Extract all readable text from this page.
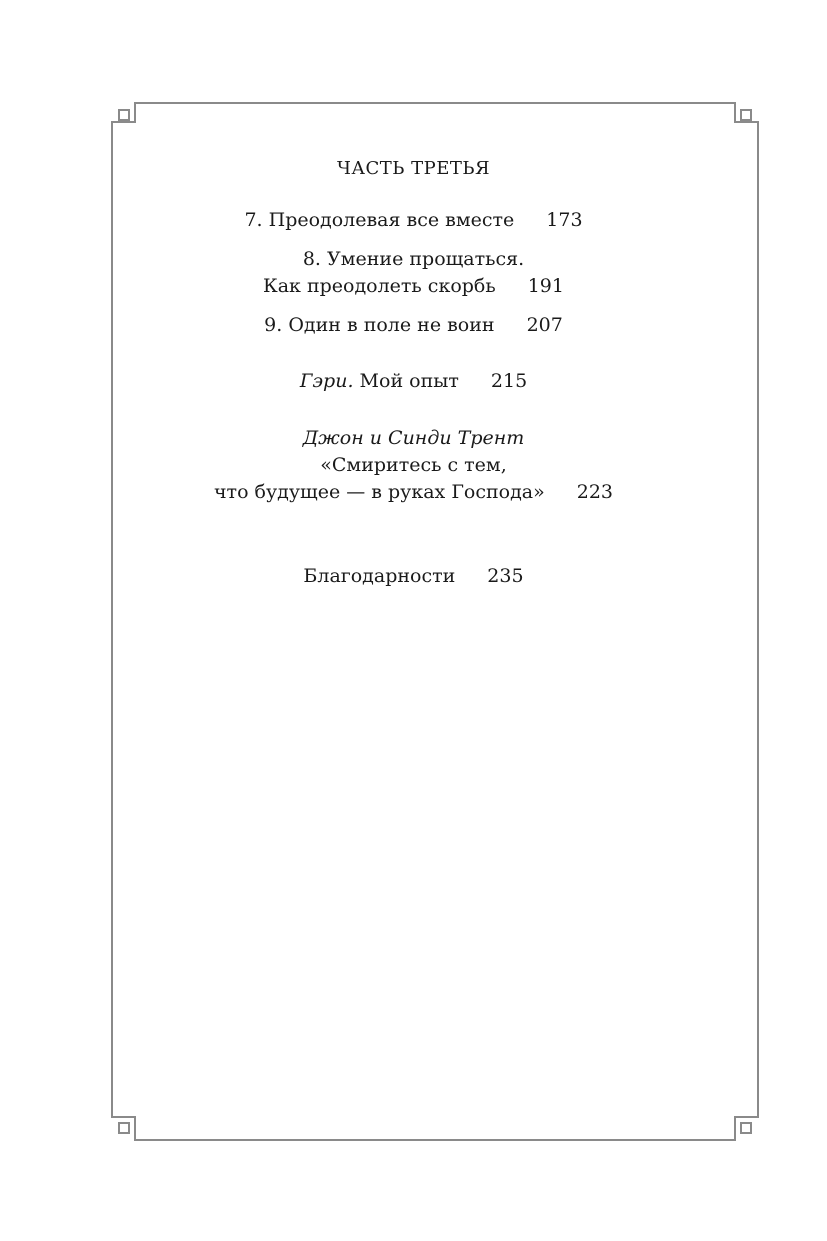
ЧАСТЬ ТРЕТЬЯ
7. Преодолевая все вместе 173
8. Умение прощаться.
Как преодолеть скорбь 191
9. Один в поле не воин 207
Гэри. Мой опыт 215
Джон и Синди Трент
«Смиритесь с тем,
что будущее — в руках Господа» 223
Благодарности 235
